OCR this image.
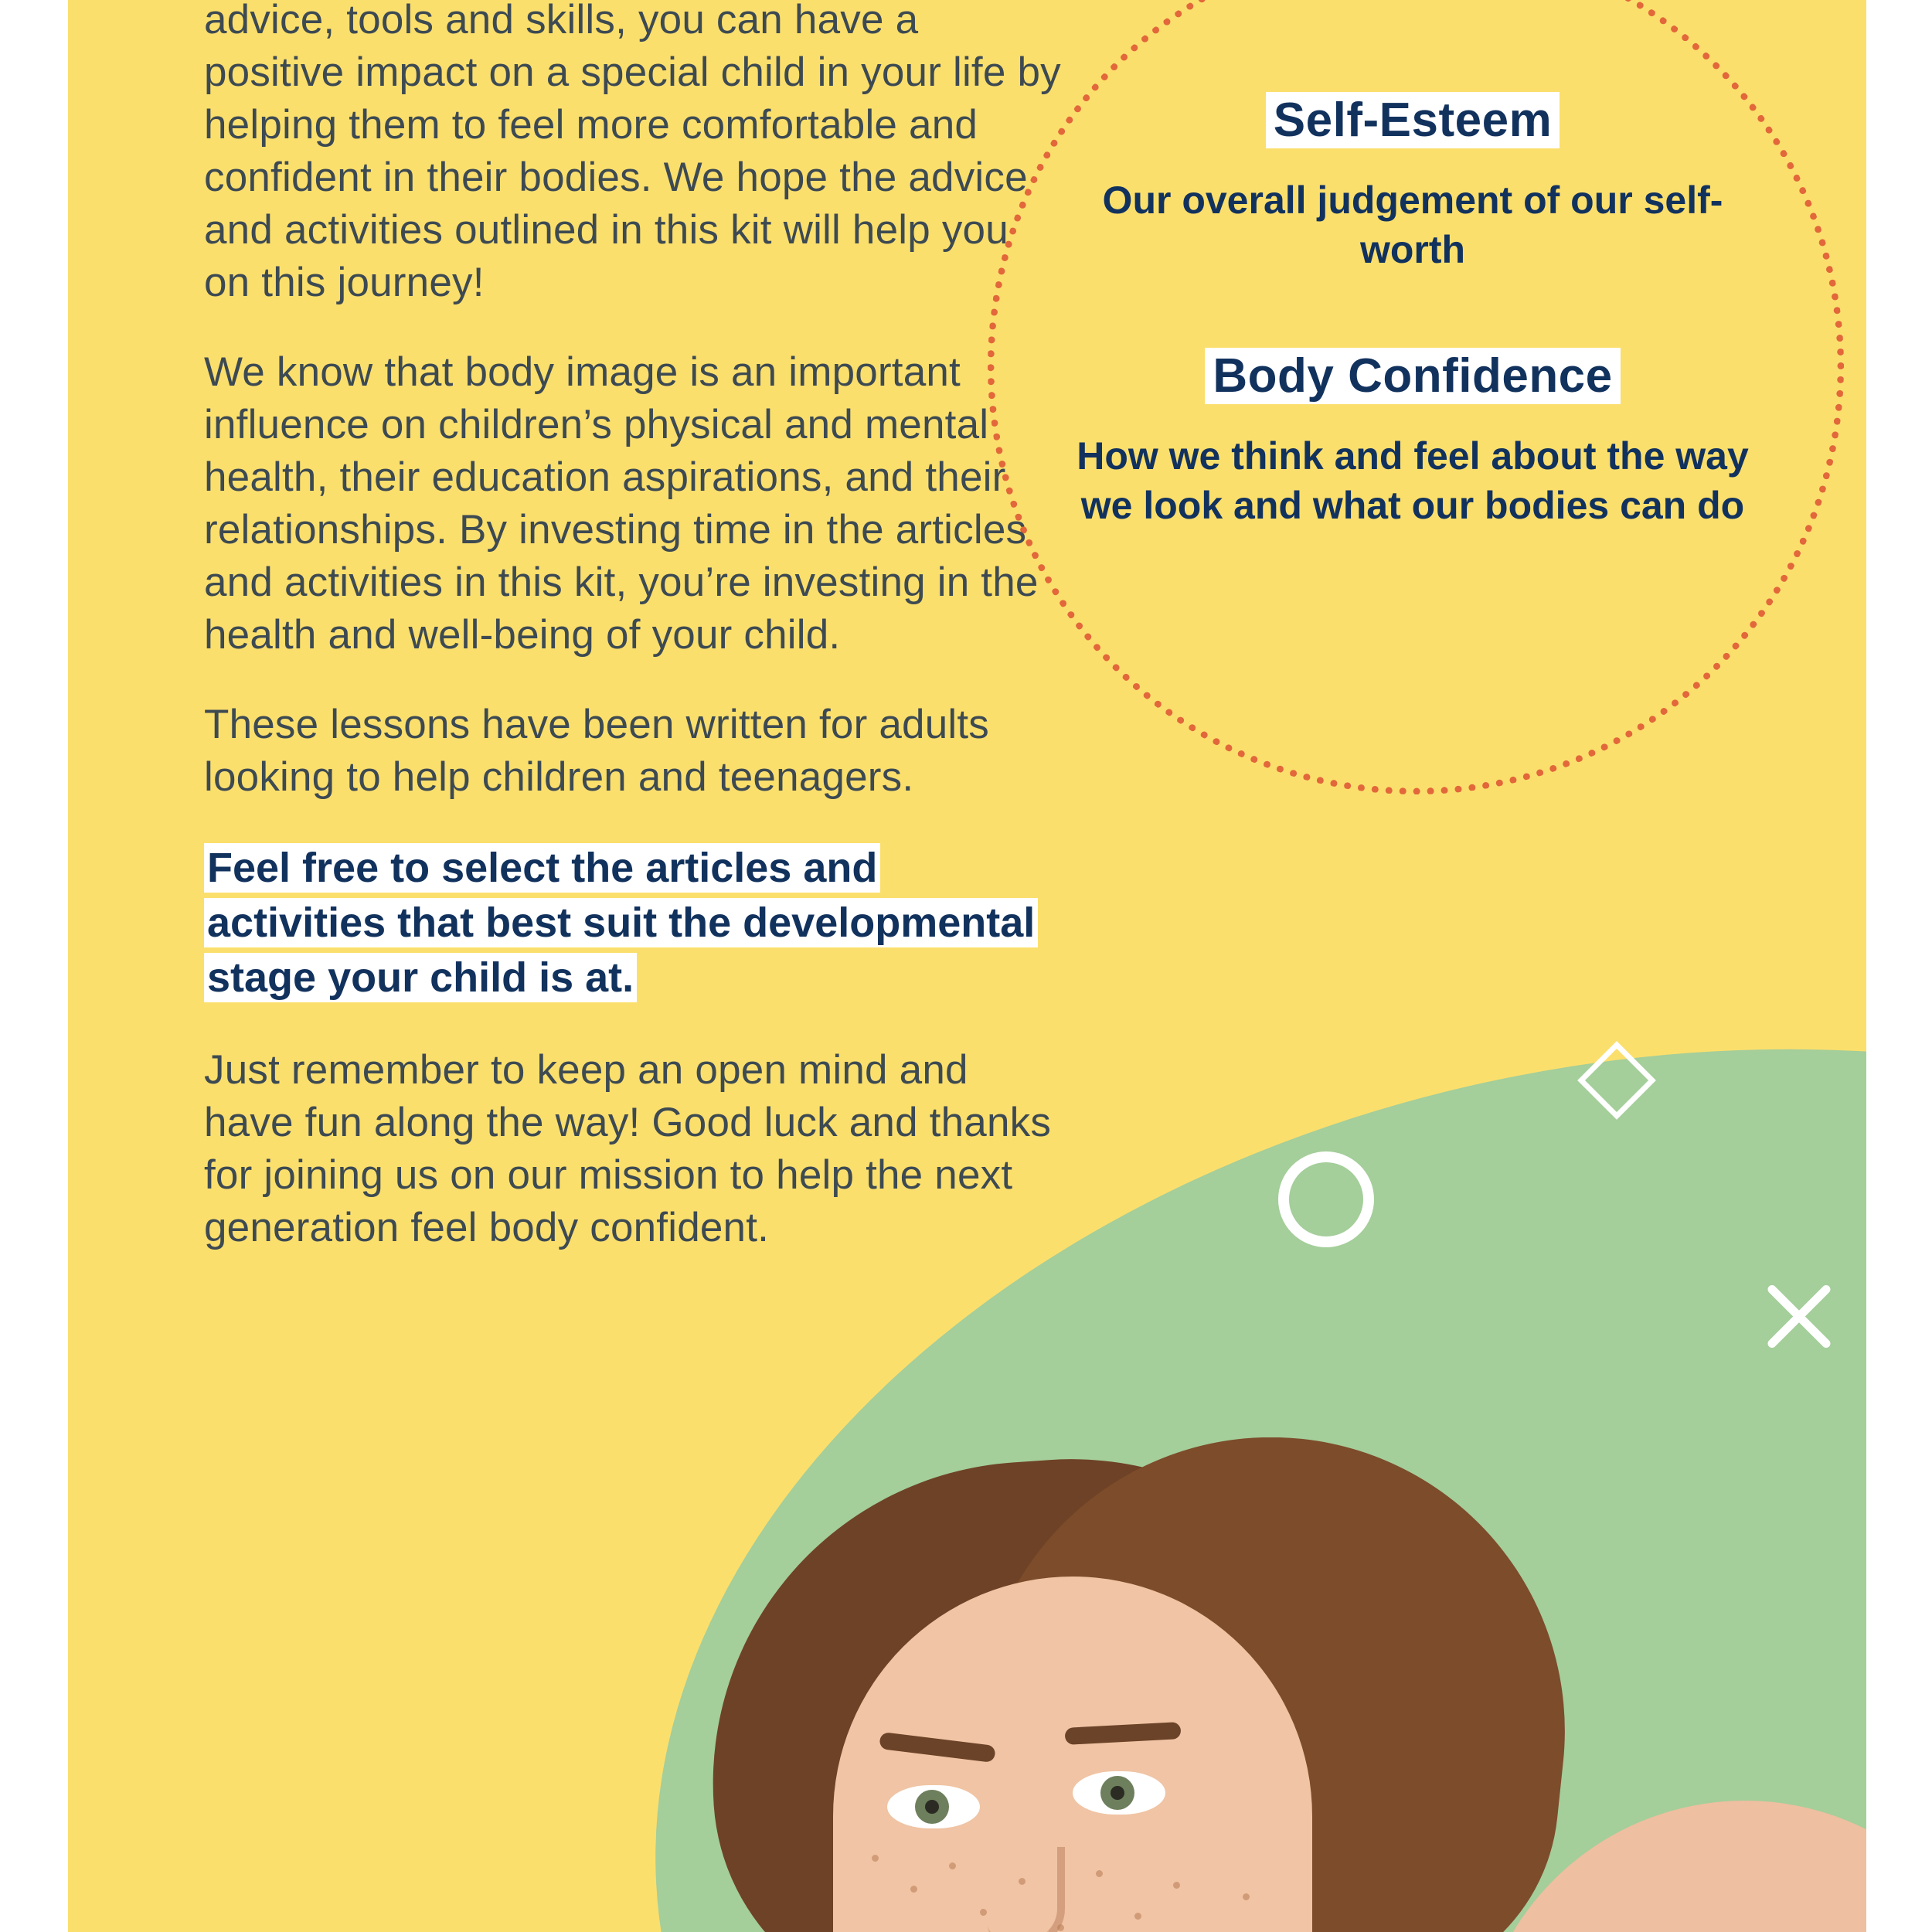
advice, tools and skills, you can have a positive impact on a special child in your life by helping them to feel more comfortable and confident in their bodies. We hope the advice and activities outlined in this kit will help you on this journey!

We know that body image is an important influence on children’s physical and mental health, their education aspirations, and their relationships. By investing time in the articles and activities in this kit, you’re investing in the health and well-being of your child.

These lessons have been written for adults looking to help children and teenagers.

Feel free to select the articles and activities that best suit the developmental stage your child is at.

Just remember to keep an open mind and have fun along the way! Good luck and thanks for joining us on our mission to help the next generation feel body confident.

Self-Esteem

Our overall judgement of our self-worth

Body Confidence

How we think and feel about the way we look and what our bodies can do
